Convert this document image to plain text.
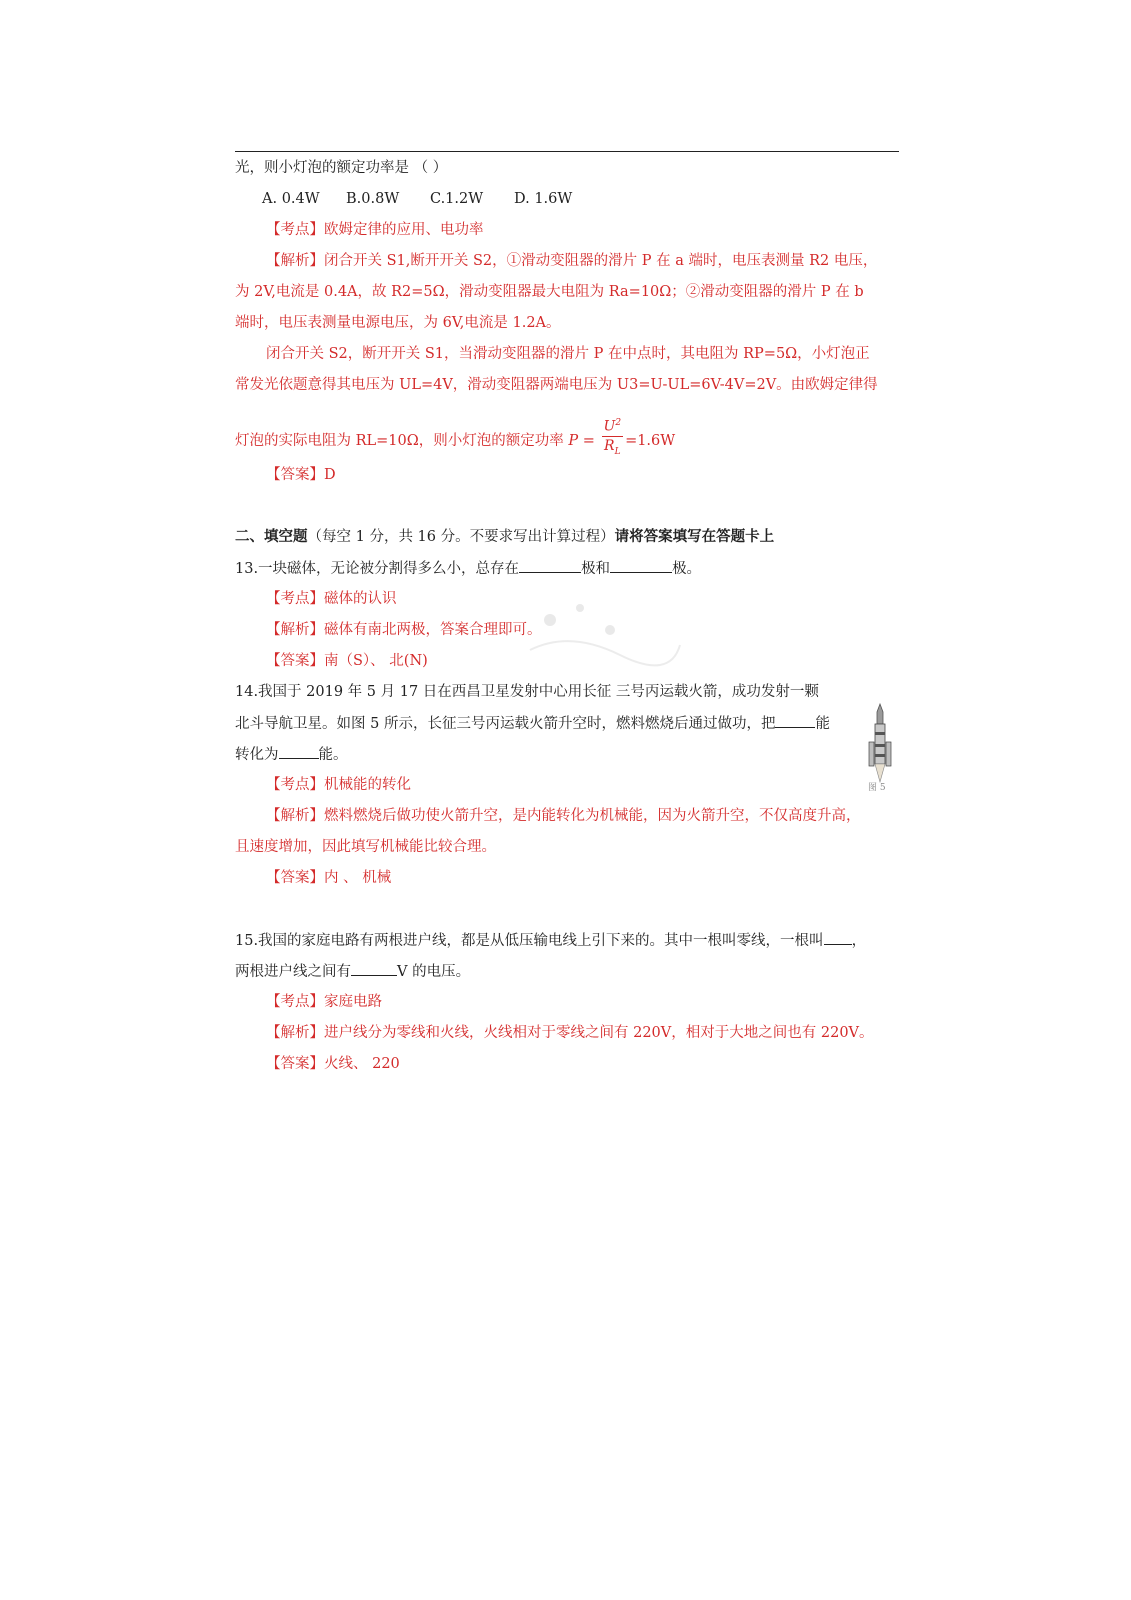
光，则小灯泡的额定功率是 （ ）
A. 0.4W B.0.8W C.1.2W D. 1.6W
【考点】欧姆定律的应用、电功率
【解析】闭合开关 S1,断开开关 S2，①滑动变阻器的滑片 P 在 a 端时，电压表测量 R2 电压，
为 2V,电流是 0.4A，故 R2=5Ω，滑动变阻器最大电阻为 Ra=10Ω；②滑动变阻器的滑片 P 在 b
端时，电压表测量电源电压，为 6V,电流是 1.2A。
闭合开关 S2，断开开关 S1，当滑动变阻器的滑片 P 在中点时，其电阻为 RP=5Ω，小灯泡正
常发光依题意得其电压为 UL=4V，滑动变阻器两端电压为 U3=U-UL=6V-4V=2V。由欧姆定律得
灯泡的实际电阻为 RL=10Ω，则小灯泡的额定功率 $P = \frac{U^2}{R_L} =1.6W$
【答案】D
二、填空题（每空 1 分，共 16 分。不要求写出计算过程）请将答案填写在答题卡上
13.一块磁体，无论被分割得多么小，总存在	极和	极。
【考点】磁体的认识
【解析】磁体有南北两极，答案合理即可。
【答案】南（S）、 北(N)
14.我国于 2019 年 5 月 17 日在西昌卫星发射中心用长征 三号丙运载火箭，成功发射一颗
北斗导航卫星。如图 5 所示，长征三号丙运载火箭升空时，燃料燃烧后通过做功，把	能
转化为	能。
图 5
【考点】机械能的转化
【解析】燃料燃烧后做功使火箭升空，是内能转化为机械能，因为火箭升空，不仅高度升高，
且速度增加，因此填写机械能比较合理。
【答案】内 、 机械
15.我国的家庭电路有两根进户线，都是从低压输电线上引下来的。其中一根叫零线，一根叫 ，
两根进户线之间有	V 的电压。
【考点】家庭电路
【解析】进户线分为零线和火线，火线相对于零线之间有 220V，相对于大地之间也有 220V。
【答案】火线、 220
